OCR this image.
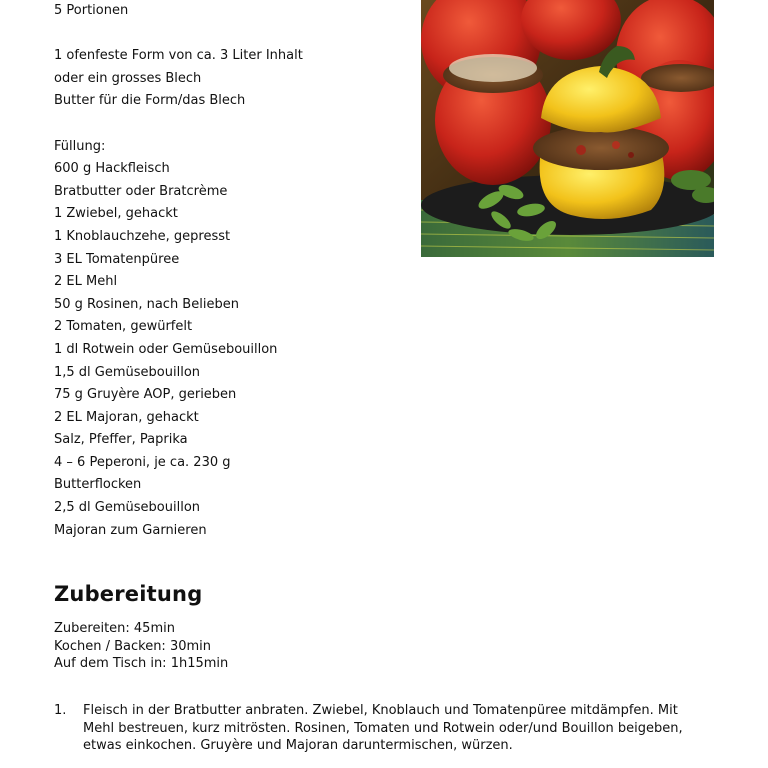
5 Portionen
1 ofenfeste Form von ca. 3 Liter Inhalt
oder ein grosses Blech
Butter für die Form/das Blech
Füllung:
600 g Hackfleisch
Bratbutter oder Bratcrème
1 Zwiebel, gehackt
1 Knoblauchzehe, gepresst
3 EL Tomatenpüree
2 EL Mehl
50 g Rosinen, nach Belieben
2 Tomaten, gewürfelt
1 dl Rotwein oder Gemüsebouillon
1,5 dl Gemüsebouillon
75 g Gruyère AOP, gerieben
2 EL Majoran, gehackt
Salz, Pfeffer, Paprika
4 – 6 Peperoni, je ca. 230 g
Butterflocken
2,5 dl Gemüsebouillon
Majoran zum Garnieren
Zubereitung
Zubereiten: 45min
Kochen / Backen: 30min
Auf dem Tisch in: 1h15min
1.	Fleisch in der Bratbutter anbraten. Zwiebel, Knoblauch und Tomatenpüree mitdämpfen. Mit Mehl bestreuen, kurz mitrösten. Rosinen, Tomaten und Rotwein oder/und Bouillon beigeben, etwas einkochen. Gruyère und Majoran daruntermischen, würzen.
